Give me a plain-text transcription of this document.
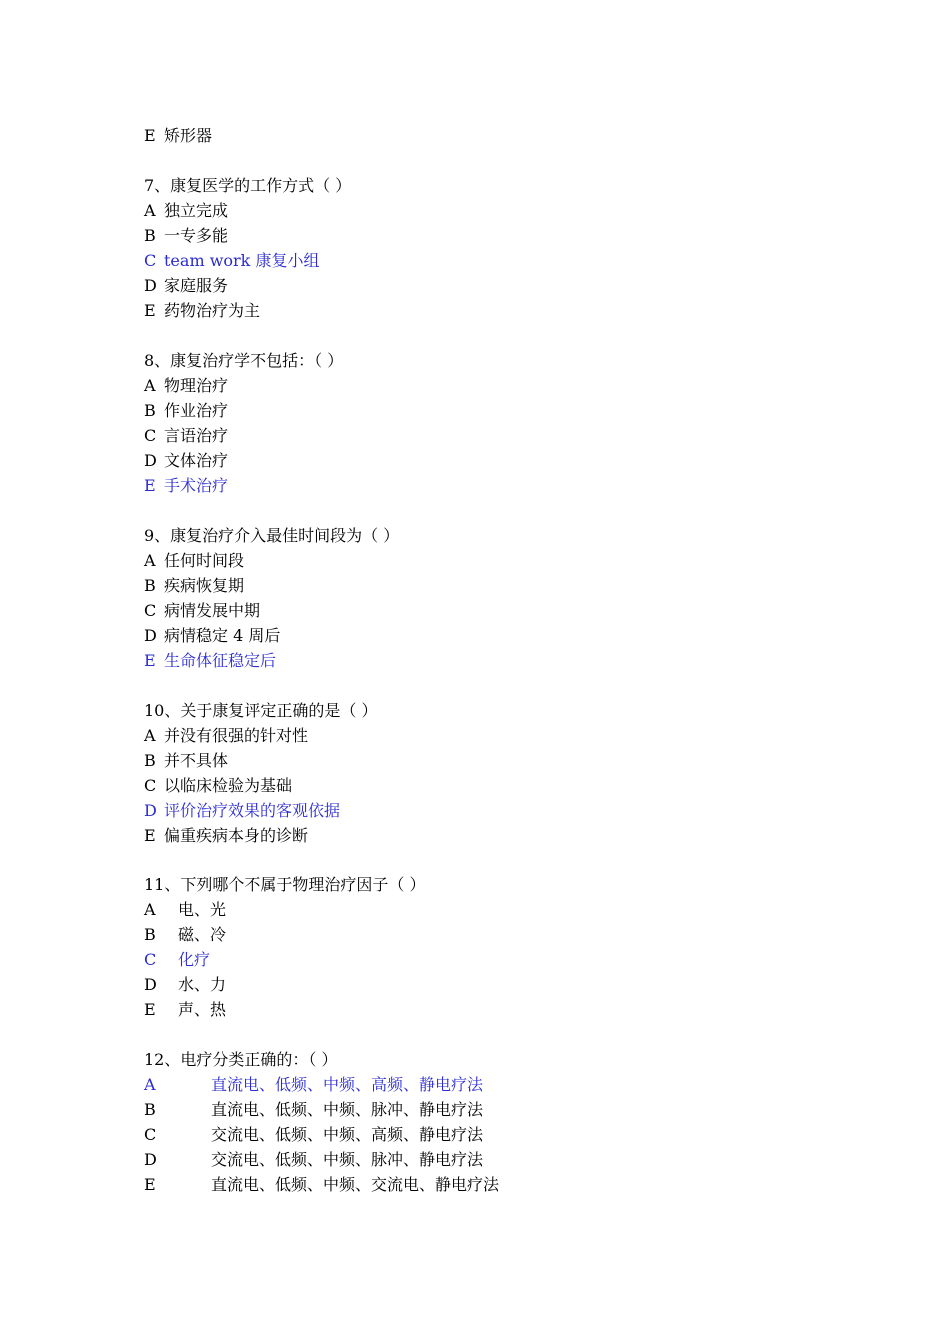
E 矫形器
7、康复医学的工作方式（ ）
A 独立完成
B 一专多能
C team work 康复小组
D 家庭服务
E 药物治疗为主
8、康复治疗学不包括：（ ）
A 物理治疗
B 作业治疗
C 言语治疗
D 文体治疗
E 手术治疗
9、康复治疗介入最佳时间段为（ ）
A 任何时间段
B 疾病恢复期
C 病情发展中期
D 病情稳定 4 周后
E 生命体征稳定后
10、关于康复评定正确的是（ ）
A 并没有很强的针对性
B 并不具体
C 以临床检验为基础
D 评价治疗效果的客观依据
E 偏重疾病本身的诊断
11、下列哪个不属于物理治疗因子（ ）
A 电、光
B 磁、冷
C 化疗
D 水、力
E 声、热
12、电疗分类正确的：（ ）
A	直流电、低频、中频、高频、静电疗法
B	直流电、低频、中频、脉冲、静电疗法
C	交流电、低频、中频、高频、静电疗法
D	交流电、低频、中频、脉冲、静电疗法
E	直流电、低频、中频、交流电、静电疗法
